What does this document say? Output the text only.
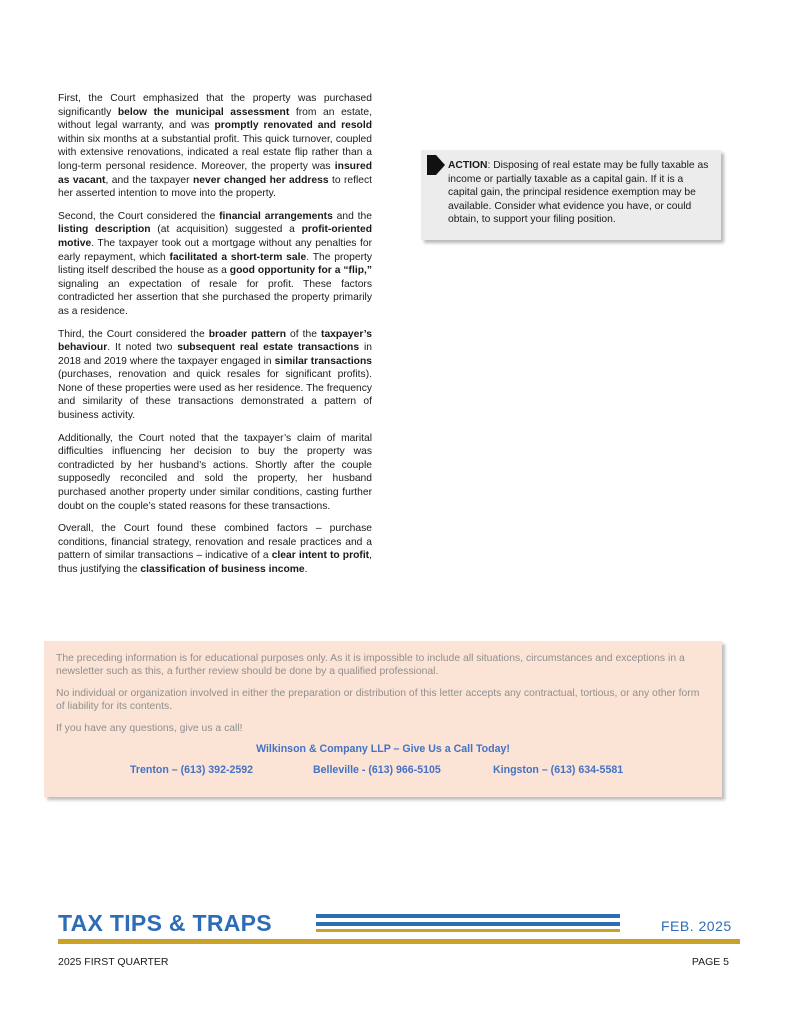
First, the Court emphasized that the property was purchased significantly below the municipal assessment from an estate, without legal warranty, and was promptly renovated and resold within six months at a substantial profit. This quick turnover, coupled with extensive renovations, indicated a real estate flip rather than a long-term personal residence. Moreover, the property was insured as vacant, and the taxpayer never changed her address to reflect her asserted intention to move into the property.

Second, the Court considered the financial arrangements and the listing description (at acquisition) suggested a profit-oriented motive. The taxpayer took out a mortgage without any penalties for early repayment, which facilitated a short-term sale. The property listing itself described the house as a good opportunity for a “flip,” signaling an expectation of resale for profit. These factors contradicted her assertion that she purchased the property primarily as a residence.

Third, the Court considered the broader pattern of the taxpayer’s behaviour. It noted two subsequent real estate transactions in 2018 and 2019 where the taxpayer engaged in similar transactions (purchases, renovation and quick resales for significant profits). None of these properties were used as her residence. The frequency and similarity of these transactions demonstrated a pattern of business activity.

Additionally, the Court noted that the taxpayer’s claim of marital difficulties influencing her decision to buy the property was contradicted by her husband’s actions. Shortly after the couple supposedly reconciled and sold the property, her husband purchased another property under similar conditions, casting further doubt on the couple’s stated reasons for these transactions.

Overall, the Court found these combined factors – purchase conditions, financial strategy, renovation and resale practices and a pattern of similar transactions – indicative of a clear intent to profit, thus justifying the classification of business income.

ACTION: Disposing of real estate may be fully taxable as income or partially taxable as a capital gain. If it is a capital gain, the principal residence exemption may be available. Consider what evidence you have, or could obtain, to support your filing position.

The preceding information is for educational purposes only. As it is impossible to include all situations, circumstances and exceptions in a newsletter such as this, a further review should be done by a qualified professional.

No individual or organization involved in either the preparation or distribution of this letter accepts any contractual, tortious, or any other form of liability for its contents.

If you have any questions, give us a call!

Wilkinson & Company LLP – Give Us a Call Today!
Trenton – (613) 392-2592	Belleville - (613) 966-5105	Kingston – (613) 634-5581
TAX TIPS & TRAPS	FEB. 2025
2025 FIRST QUARTER	PAGE 5
